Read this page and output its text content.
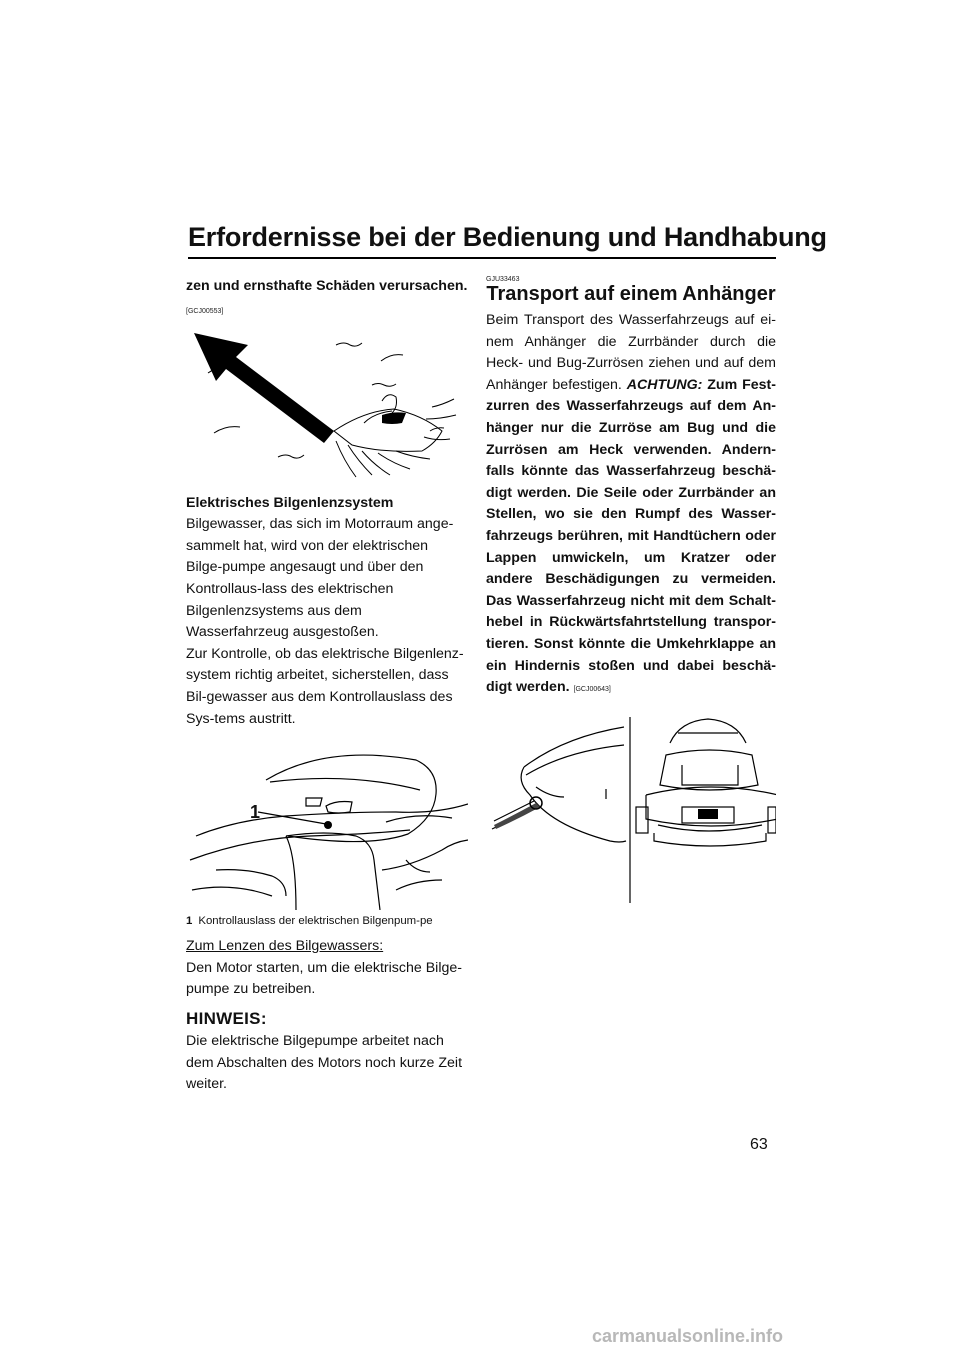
Erfordernisse bei der Bedienung und Handhabung

zen und ernsthafte Schäden verursachen.

[GCJ00553]

Elektrisches Bilgenlenzsystem

Bilgewasser, das sich im Motorraum ange-sammelt hat, wird von der elektrischen Bilge-pumpe angesaugt und über den Kontrollaus-lass des elektrischen Bilgenlenzsystems aus dem Wasserfahrzeug ausgestoßen.

Zur Kontrolle, ob das elektrische Bilgenlenz-system richtig arbeitet, sicherstellen, dass Bil-gewasser aus dem Kontrollauslass des Sys-tems austritt.

1
1 Kontrollauslass der elektrischen Bilgenpum-pe

Zum Lenzen des Bilgewassers:

Den Motor starten, um die elektrische Bilge-pumpe zu betreiben.

HINWEIS:

Die elektrische Bilgepumpe arbeitet nach dem Abschalten des Motors noch kurze Zeit weiter.

GJU33463
Transport auf einem Anhänger

Beim Transport des Wasserfahrzeugs auf ei-nem Anhänger die Zurrbänder durch die Heck- und Bug-Zurrösen ziehen und auf dem Anhänger befestigen. ACHTUNG: Zum Fest-zurren des Wasserfahrzeugs auf dem An-hänger nur die Zurröse am Bug und die Zurrösen am Heck verwenden. Andern-falls könnte das Wasserfahrzeug beschä-digt werden. Die Seile oder Zurrbänder an Stellen, wo sie den Rumpf des Wasser-fahrzeugs berühren, mit Handtüchern oder Lappen umwickeln, um Kratzer oder andere Beschädigungen zu vermeiden. Das Wasserfahrzeug nicht mit dem Schalt-hebel in Rückwärtsfahrtstellung transpor-tieren. Sonst könnte die Umkehrklappe an ein Hindernis stoßen und dabei beschä-digt werden. [GCJ00643]

63
carmanualsonline.info
